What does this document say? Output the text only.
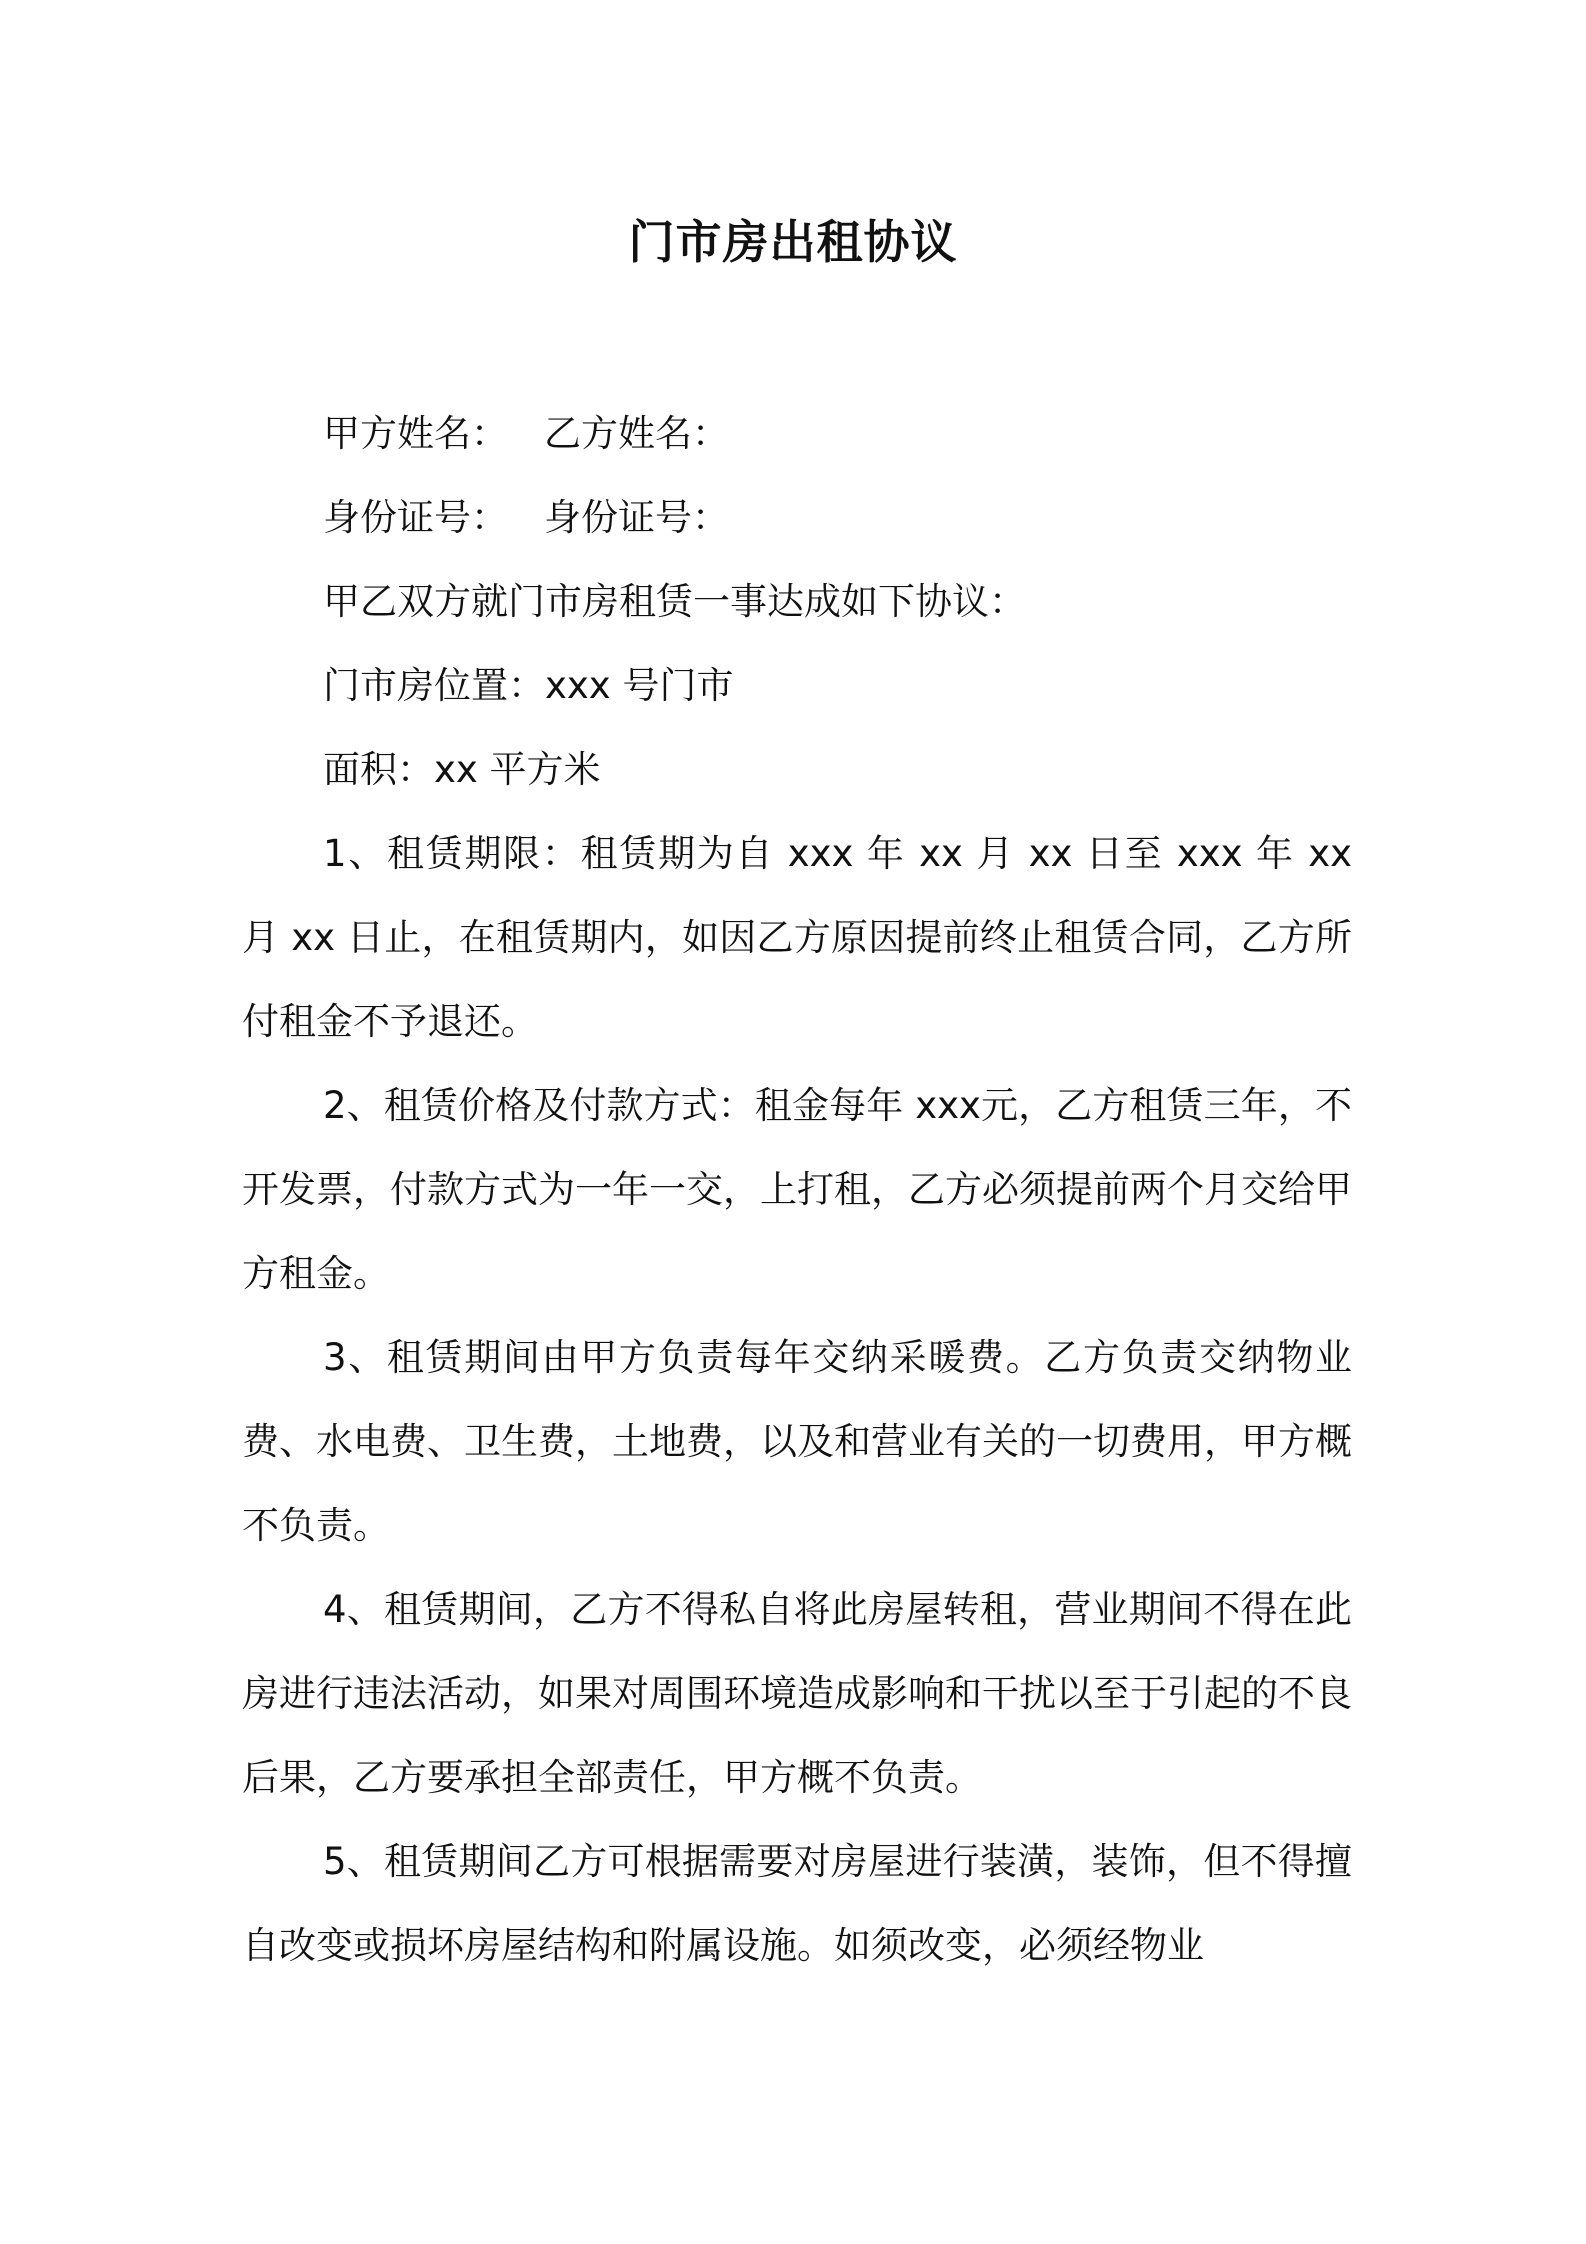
门市房出租协议

甲方姓名： 乙方姓名：

身份证号： 身份证号：

甲乙双方就门市房租赁一事达成如下协议：

门市房位置：xxx 号门市

面积：xx 平方米

1、租赁期限：租赁期为自 xxx 年 xx 月 xx 日至 xxx 年 xx 月 xx 日止，在租赁期内，如因乙方原因提前终止租赁合同，乙方所付租金不予退还。

2、租赁价格及付款方式：租金每年 xxx元，乙方租赁三年，不开发票，付款方式为一年一交，上打租，乙方必须提前两个月交给甲方租金。

3、租赁期间由甲方负责每年交纳采暖费。乙方负责交纳物业费、水电费、卫生费，土地费，以及和营业有关的一切费用，甲方概不负责。

4、租赁期间，乙方不得私自将此房屋转租，营业期间不得在此房进行违法活动，如果对周围环境造成影响和干扰以至于引起的不良后果，乙方要承担全部责任，甲方概不负责。

5、租赁期间乙方可根据需要对房屋进行装潢，装饰，但不得擅自改变或损坏房屋结构和附属设施。如须改变，必须经物业
